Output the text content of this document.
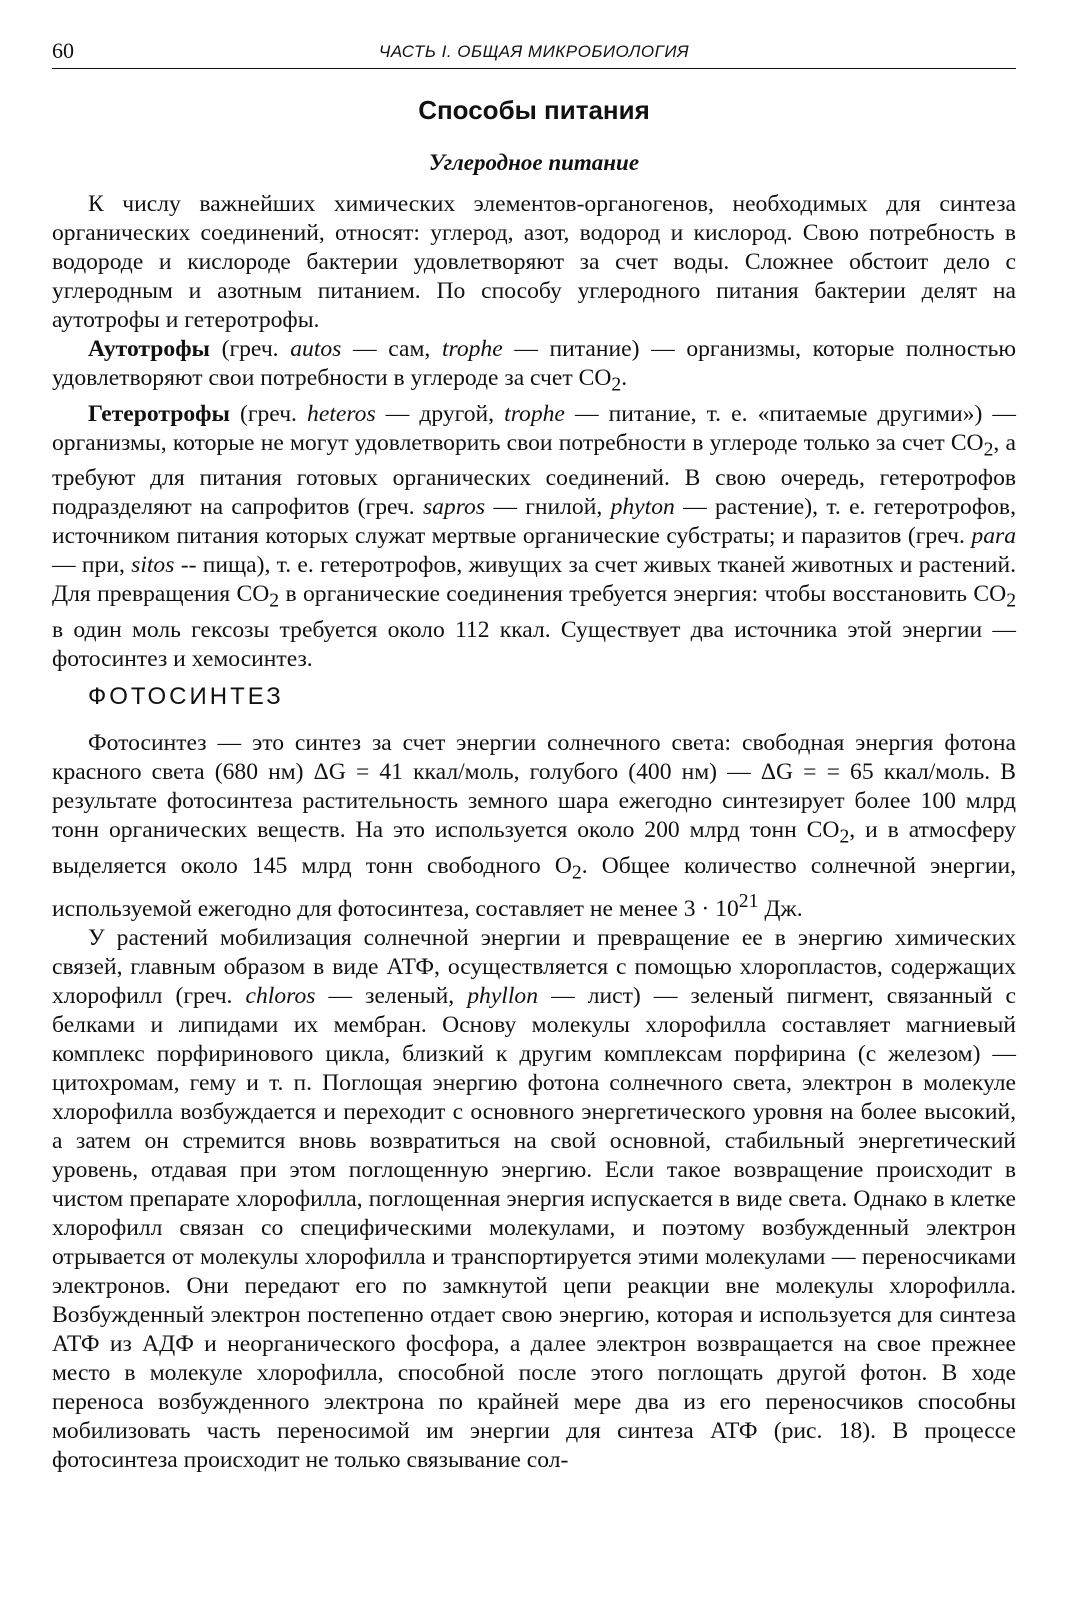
60	ЧАСТЬ I. ОБЩАЯ МИКРОБИОЛОГИЯ
Способы питания
Углеродное питание

К числу важнейших химических элементов-органогенов, необходимых для синтеза органических соединений, относят: углерод, азот, водород и кислород. Свою потребность в водороде и кислороде бактерии удовлетворяют за счет воды. Сложнее обстоит дело с углеродным и азотным питанием. По способу углеродного питания бактерии делят на аутотрофы и гетеротрофы.

Аутотрофы (греч. autos — сам, trophe — питание) — организмы, которые полностью удовлетворяют свои потребности в углероде за счет $CO_2$.

Гетеротрофы (греч. heteros — другой, trophe — питание, т. е. «питаемые другими») — организмы, которые не могут удовлетворить свои потребности в углероде только за счет $CO_2$, а требуют для питания готовых органических соединений. В свою очередь, гетеротрофов подразделяют на сапрофитов (греч. sapros — гнилой, phyton — растение), т. е. гетеротрофов, источником питания которых служат мертвые органические субстраты; и паразитов (греч. para — при, sitos -- пища), т. е. гетеротрофов, живущих за счет живых тканей животных и растений. Для превращения $CO_2$ в органические соединения требуется энергия: чтобы восстановить $CO_2$ в один моль гексозы требуется около 112 ккал. Существует два источника этой энергии — фотосинтез и хемосинтез.

ФОТОСИНТЕЗ

Фотосинтез — это синтез за счет энергии солнечного света: свободная энергия фотона красного света (680 нм) ΔG = 41 ккал/моль, голубого (400 нм) — ΔG = = 65 ккал/моль. В результате фотосинтеза растительность земного шара ежегодно синтезирует более 100 млрд тонн органических веществ. На это используется около 200 млрд тонн $CO_2$, и в атмосферу выделяется около 145 млрд тонн свободного $O_2$. Общее количество солнечной энергии, используемой ежегодно для фотосинтеза, составляет не менее $3 \cdot 10^{21}$ Дж.

У растений мобилизация солнечной энергии и превращение ее в энергию химических связей, главным образом в виде АТФ, осуществляется с помощью хлоропластов, содержащих хлорофилл (греч. chloros — зеленый, phyllon — лист) — зеленый пигмент, связанный с белками и липидами их мембран. Основу молекулы хлорофилла составляет магниевый комплекс порфиринового цикла, близкий к другим комплексам порфирина (с железом) — цитохромам, гему и т. п. Поглощая энергию фотона солнечного света, электрон в молекуле хлорофилла возбуждается и переходит с основного энергетического уровня на более высокий, а затем он стремится вновь возвратиться на свой основной, стабильный энергетический уровень, отдавая при этом поглощенную энергию. Если такое возвращение происходит в чистом препарате хлорофилла, поглощенная энергия испускается в виде света. Однако в клетке хлорофилл связан со специфическими молекулами, и поэтому возбужденный электрон отрывается от молекулы хлорофилла и транспортируется этими молекулами — переносчиками электронов. Они передают его по замкнутой цепи реакции вне молекулы хлорофилла. Возбужденный электрон постепенно отдает свою энергию, которая и используется для синтеза АТФ из АДФ и неорганического фосфора, а далее электрон возвращается на свое прежнее место в молекуле хлорофилла, способной после этого поглощать другой фотон. В ходе переноса возбужденного электрона по крайней мере два из его переносчиков способны мобилизовать часть переносимой им энергии для синтеза АТФ (рис. 18). В процессе фотосинтеза происходит не только связывание сол-
